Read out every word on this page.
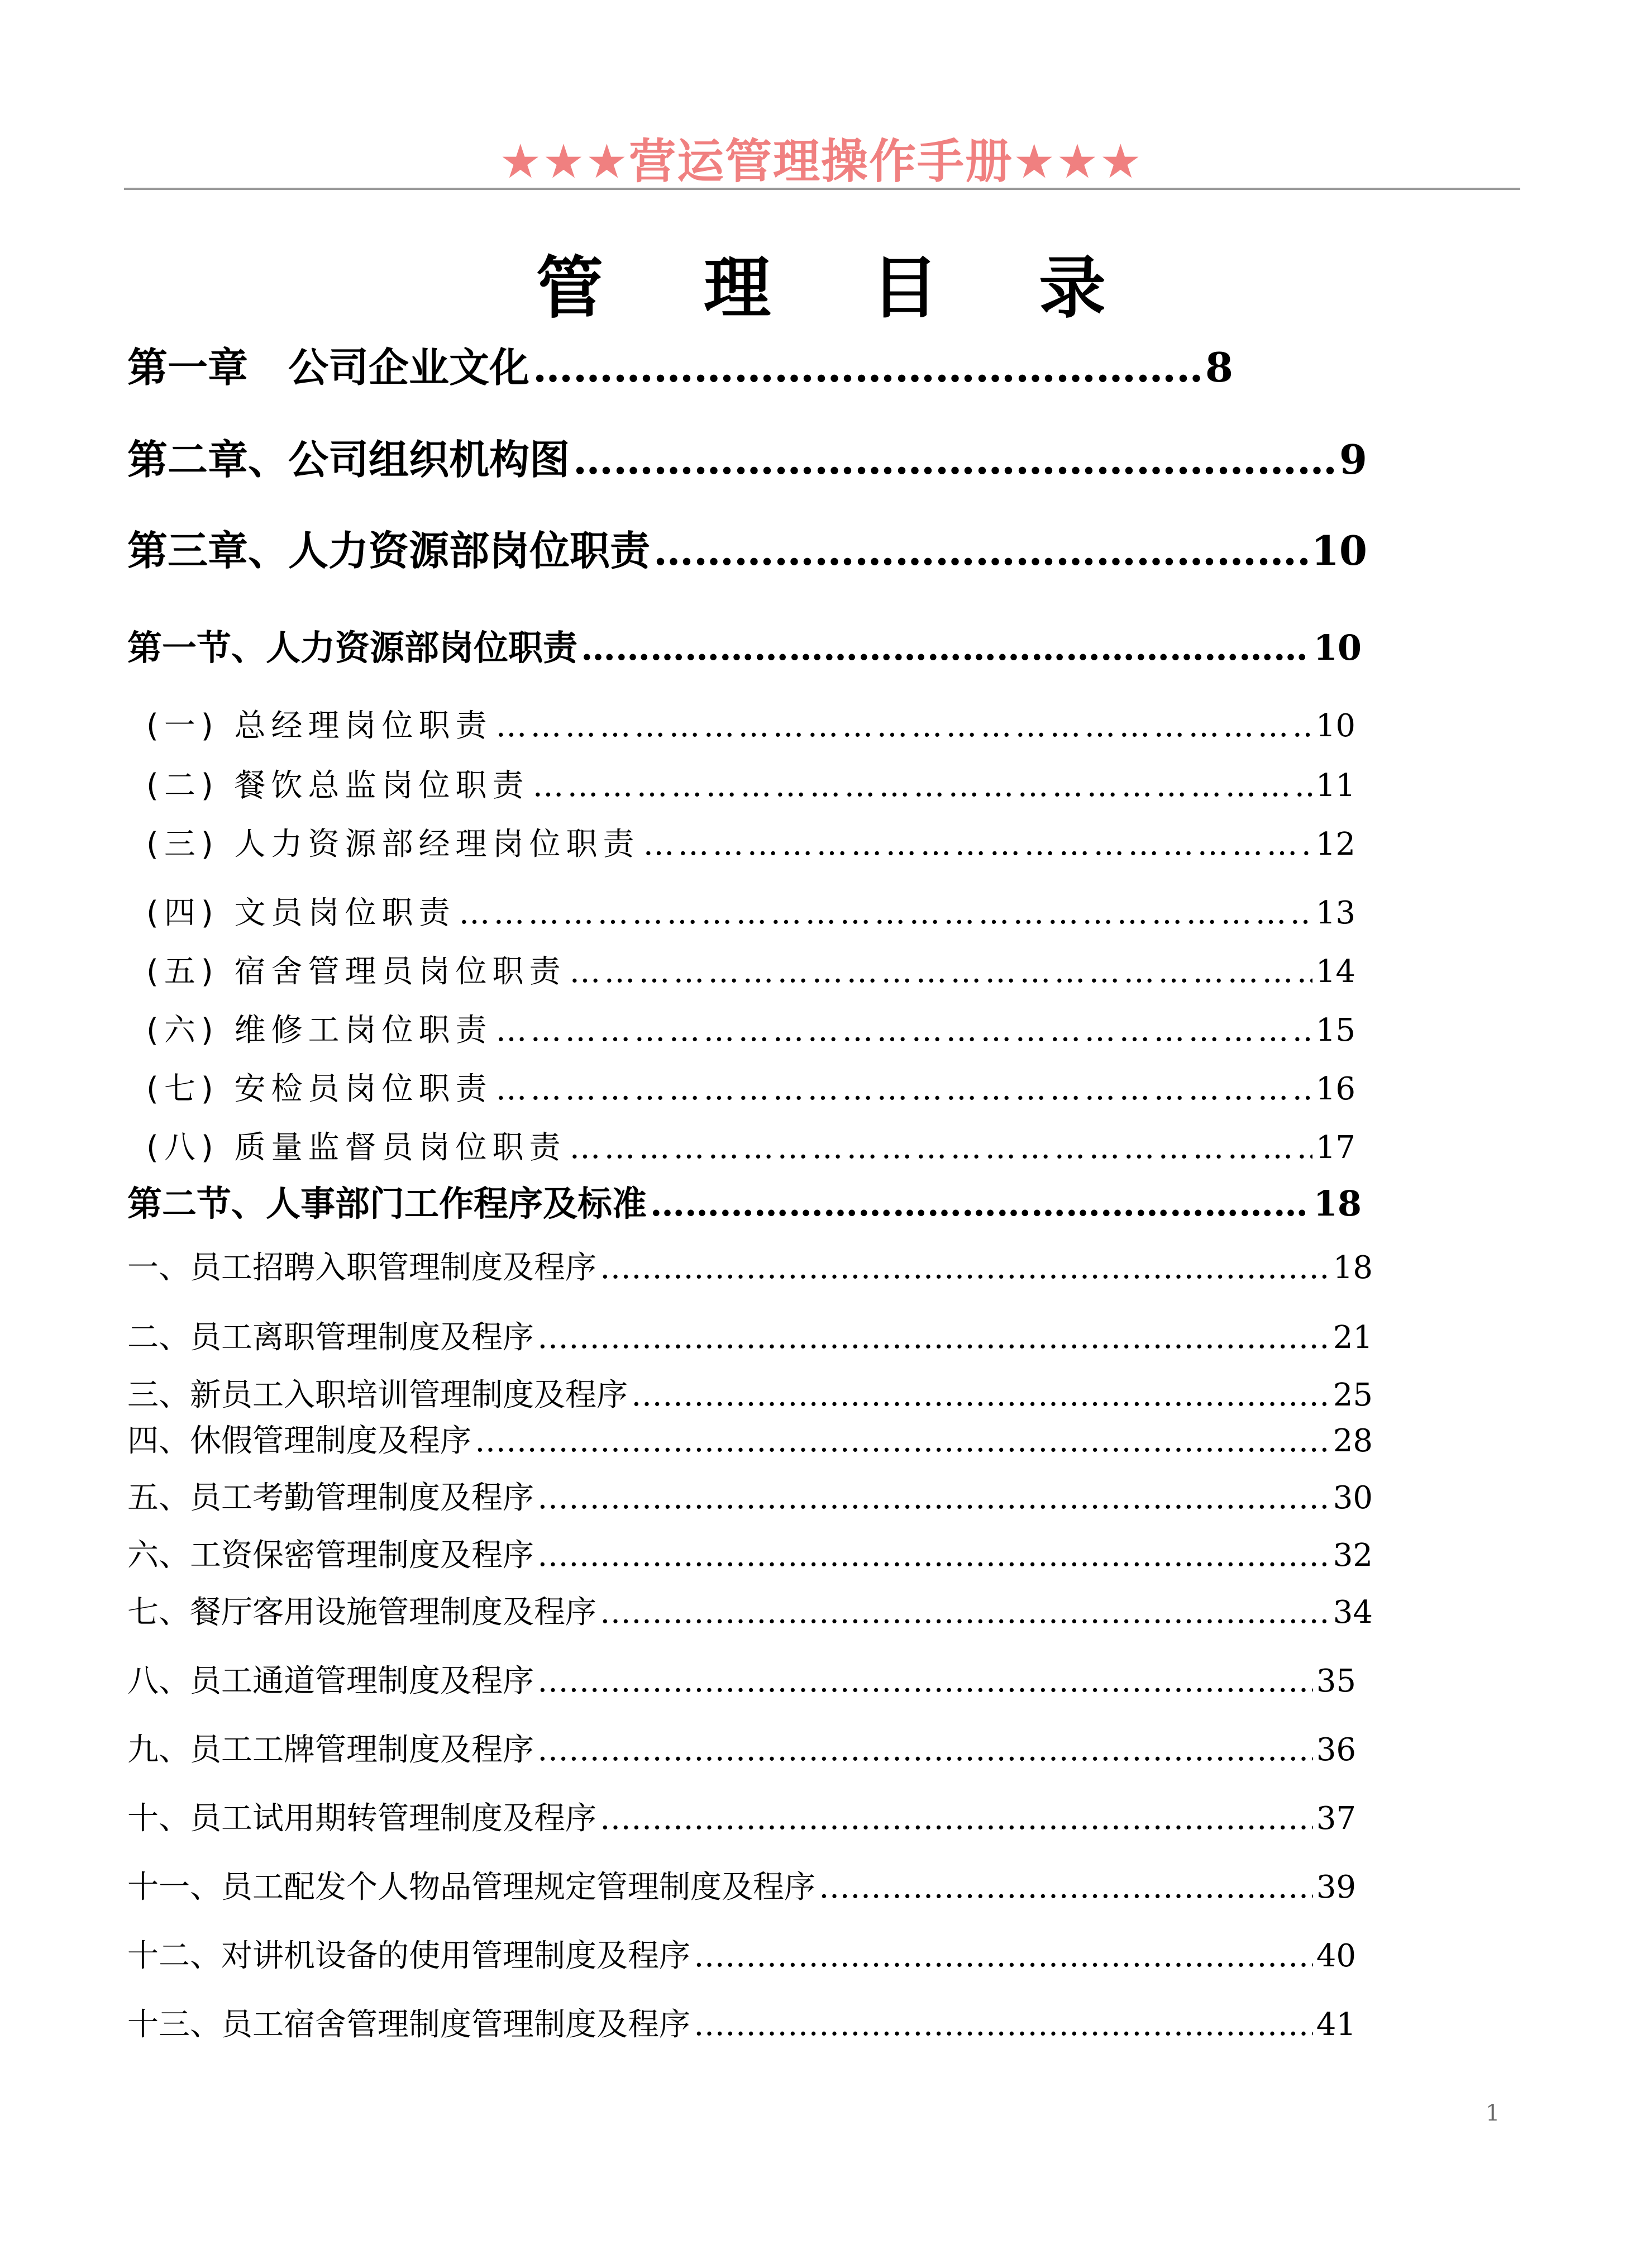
★★★营运管理操作手册★★★
管理目录
第一章　公司企业文化 ……………………………………………………………………………………………………………………………………………………………………………………………………………………	8
第二章、公司组织机构图 ……………………………………………………………………………………………………………………………………………………………………………………………………………………	9
第三章、人力资源部岗位职责 ……………………………………………………………………………………………………………………………………………………………………………………………………………………	10
第一节、人力资源部岗位职责 ……………………………………………………………………………………………………………………………………………………………………………………………………………………	10
(一) 总经理岗位职责 ……………………………………………………………………………………………………………………………………………………………………………………………………………………	10
(二) 餐饮总监岗位职责 ……………………………………………………………………………………………………………………………………………………………………………………………………………………	11
(三) 人力资源部经理岗位职责 ……………………………………………………………………………………………………………………………………………………………………………………………………………………	12
(四) 文员岗位职责 ……………………………………………………………………………………………………………………………………………………………………………………………………………………	13
(五) 宿舍管理员岗位职责 ……………………………………………………………………………………………………………………………………………………………………………………………………………………	14
(六) 维修工岗位职责 ……………………………………………………………………………………………………………………………………………………………………………………………………………………	15
(七) 安检员岗位职责 ……………………………………………………………………………………………………………………………………………………………………………………………………………………	16
(八) 质量监督员岗位职责 ……………………………………………………………………………………………………………………………………………………………………………………………………………………	17
第二节、人事部门工作程序及标准 ……………………………………………………………………………………………………………………………………………………………………………………………………………………	18
一、员工招聘入职管理制度及程序 ……………………………………………………………………………………………………………………………………………………………………………………………………………………	18
二、员工离职管理制度及程序 ……………………………………………………………………………………………………………………………………………………………………………………………………………………	21
三、新员工入职培训管理制度及程序 ……………………………………………………………………………………………………………………………………………………………………………………………………………………	25
四、休假管理制度及程序 ……………………………………………………………………………………………………………………………………………………………………………………………………………………	28
五、员工考勤管理制度及程序 ……………………………………………………………………………………………………………………………………………………………………………………………………………………	30
六、工资保密管理制度及程序 ……………………………………………………………………………………………………………………………………………………………………………………………………………………	32
七、餐厅客用设施管理制度及程序 ……………………………………………………………………………………………………………………………………………………………………………………………………………………	34
八、员工通道管理制度及程序 ……………………………………………………………………………………………………………………………………………………………………………………………………………………	35
九、员工工牌管理制度及程序 ……………………………………………………………………………………………………………………………………………………………………………………………………………………	36
十、员工试用期转管理制度及程序 ……………………………………………………………………………………………………………………………………………………………………………………………………………………	37
十一、员工配发个人物品管理规定管理制度及程序 ……………………………………………………………………………………………………………………………………………………………………………………………………………………	39
十二、对讲机设备的使用管理制度及程序 ……………………………………………………………………………………………………………………………………………………………………………………………………………………	40
十三、员工宿舍管理制度管理制度及程序 ……………………………………………………………………………………………………………………………………………………………………………………………………………………	41
1
